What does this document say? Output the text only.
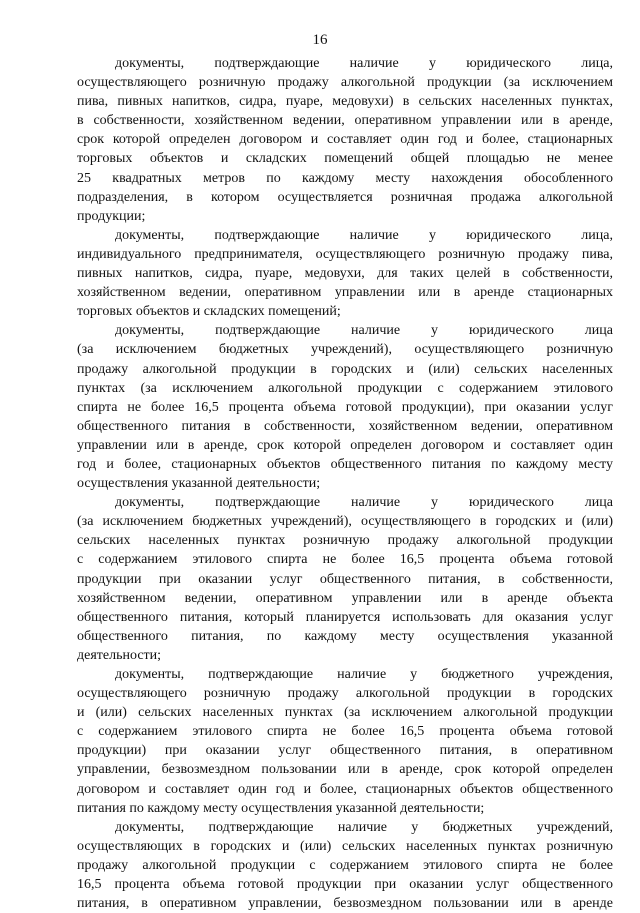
16
документы, подтверждающие наличие у юридического лица,
осуществляющего розничную продажу алкогольной продукции (за исключением
пива, пивных напитков, сидра, пуаре, медовухи) в сельских населенных пунктах,
в собственности, хозяйственном ведении, оперативном управлении или в аренде,
срок которой определен договором и составляет один год и более, стационарных
торговых объектов и складских помещений общей площадью не менее
25 квадратных метров по каждому месту нахождения обособленного
подразделения, в котором осуществляется розничная продажа алкогольной
продукции;
документы, подтверждающие наличие у юридического лица,
индивидуального предпринимателя, осуществляющего розничную продажу пива,
пивных напитков, сидра, пуаре, медовухи, для таких целей в собственности,
хозяйственном ведении, оперативном управлении или в аренде стационарных
торговых объектов и складских помещений;
документы, подтверждающие наличие у юридического лица
(за исключением бюджетных учреждений), осуществляющего розничную
продажу алкогольной продукции в городских и (или) сельских населенных
пунктах (за исключением алкогольной продукции с содержанием этилового
спирта не более 16,5 процента объема готовой продукции), при оказании услуг
общественного питания в собственности, хозяйственном ведении, оперативном
управлении или в аренде, срок которой определен договором и составляет один
год и более, стационарных объектов общественного питания по каждому месту
осуществления указанной деятельности;
документы, подтверждающие наличие у юридического лица
(за исключением бюджетных учреждений), осуществляющего в городских и (или)
сельских населенных пунктах розничную продажу алкогольной продукции
с содержанием этилового спирта не более 16,5 процента объема готовой
продукции при оказании услуг общественного питания, в собственности,
хозяйственном ведении, оперативном управлении или в аренде объекта
общественного питания, который планируется использовать для оказания услуг
общественного питания, по каждому месту осуществления указанной
деятельности;
документы, подтверждающие наличие у бюджетного учреждения,
осуществляющего розничную продажу алкогольной продукции в городских
и (или) сельских населенных пунктах (за исключением алкогольной продукции
с содержанием этилового спирта не более 16,5 процента объема готовой
продукции) при оказании услуг общественного питания, в оперативном
управлении, безвозмездном пользовании или в аренде, срок которой определен
договором и составляет один год и более, стационарных объектов общественного
питания по каждому месту осуществления указанной деятельности;
документы, подтверждающие наличие у бюджетных учреждений,
осуществляющих в городских и (или) сельских населенных пунктах розничную
продажу алкогольной продукции с содержанием этилового спирта не более
16,5 процента объема готовой продукции при оказании услуг общественного
питания, в оперативном управлении, безвозмездном пользовании или в аренде
